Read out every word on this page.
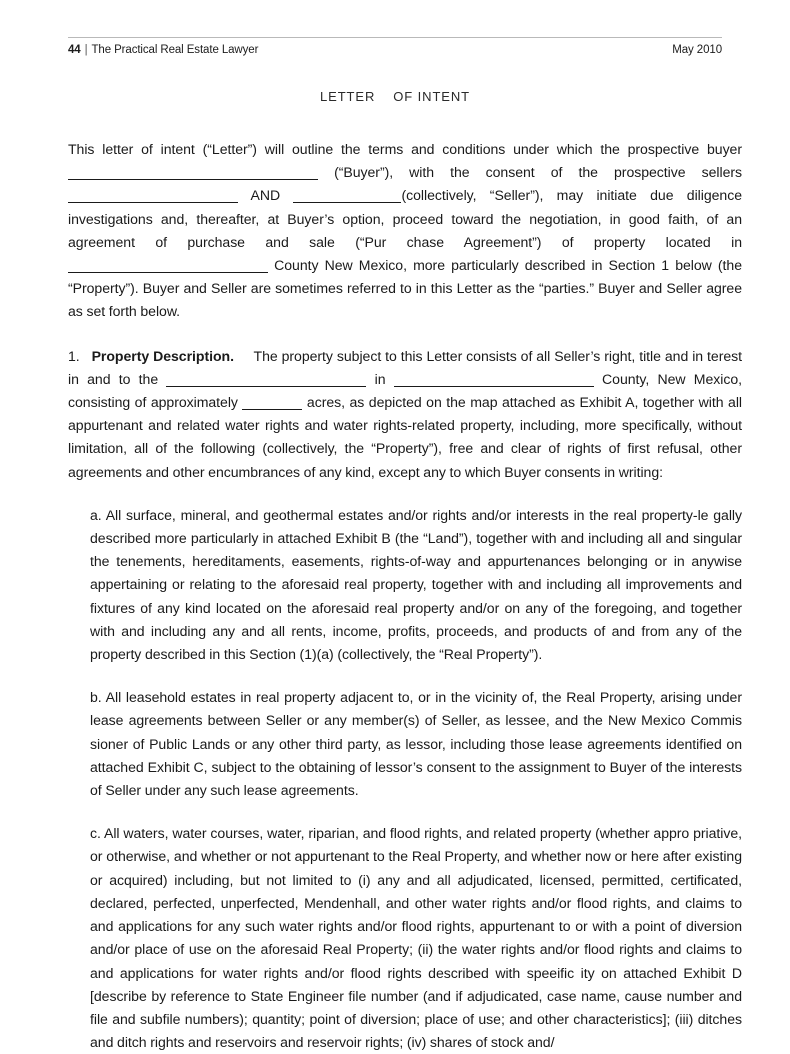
44 | The Practical Real Estate Lawyer	May 2010
LETTER    OF INTENT

This letter of intent (“Letter”) will outline the terms and conditions under which the prospective buyer  (“Buyer”), with the consent of the prospective sellers  AND	(collectively, “Seller”), may initiate due diligence investigations and, thereafter, at Buyer’s option, proceed toward the negotiation, in good faith, of an agreement of purchase and sale (“Pur chase Agreement”) of property located in  County New Mexico, more particularly described in Section 1 below (the “Property”). Buyer and Seller are sometimes referred to in this Letter as the “parties.” Buyer and Seller agree as set forth below.

1.   Property Description. The property subject to this Letter consists of all Seller’s right, title and in terest in and to the	in	County, New Mexico, consisting of approximately	acres, as depicted on the map attached as Exhibit A, together with all appurtenant and related water rights and water rights-related property, including, more specifically, without limitation, all of the following (collectively, the “Property”), free and clear of rights of first refusal, other agreements and other encumbrances of any kind, except any to which Buyer consents in writing:

a. All surface, mineral, and geothermal estates and/or rights and/or interests in the real property-le gally described more particularly in attached Exhibit B (the “Land”), together with and including all and singular the tenements, hereditaments, easements, rights-of-way and appurtenances belonging or in anywise appertaining or relating to the aforesaid real property, together with and including all improvements and fixtures of any kind located on the aforesaid real property and/or on any of the foregoing, and together with and including any and all rents, income, profits, proceeds, and products of and from any of the property described in this Section (1)(a) (collectively, the “Real Property”).

b. All leasehold estates in real property adjacent to, or in the vicinity of, the Real Property, arising under lease agreements between Seller or any member(s) of Seller, as lessee, and the New Mexico Commis sioner of Public Lands or any other third party, as lessor, including those lease agreements identified on attached Exhibit C, subject to the obtaining of lessor’s consent to the assignment to Buyer of the interests of Seller under any such lease agreements.

c. All waters, water courses, water, riparian, and flood rights, and related property (whether appro priative, or otherwise, and whether or not appurtenant to the Real Property, and whether now or here after existing or acquired) including, but not limited to (i) any and all adjudicated, licensed, permitted, certificated, declared, perfected, unperfected, Mendenhall, and other water rights and/or flood rights, and claims to and applications for any such water rights and/or flood rights, appurtenant to or with a point of diversion and/or place of use on the aforesaid Real Property; (ii) the water rights and/or flood rights and claims to and applications for water rights and/or flood rights described with speeific ity on attached Exhibit D [describe by reference to State Engineer file number (and if adjudicated, case name, cause number and file and subfile numbers); quantity; point of diversion; place of use; and other characteristics]; (iii) ditches and ditch rights and reservoirs and reservoir rights; (iv) shares of stock and/
